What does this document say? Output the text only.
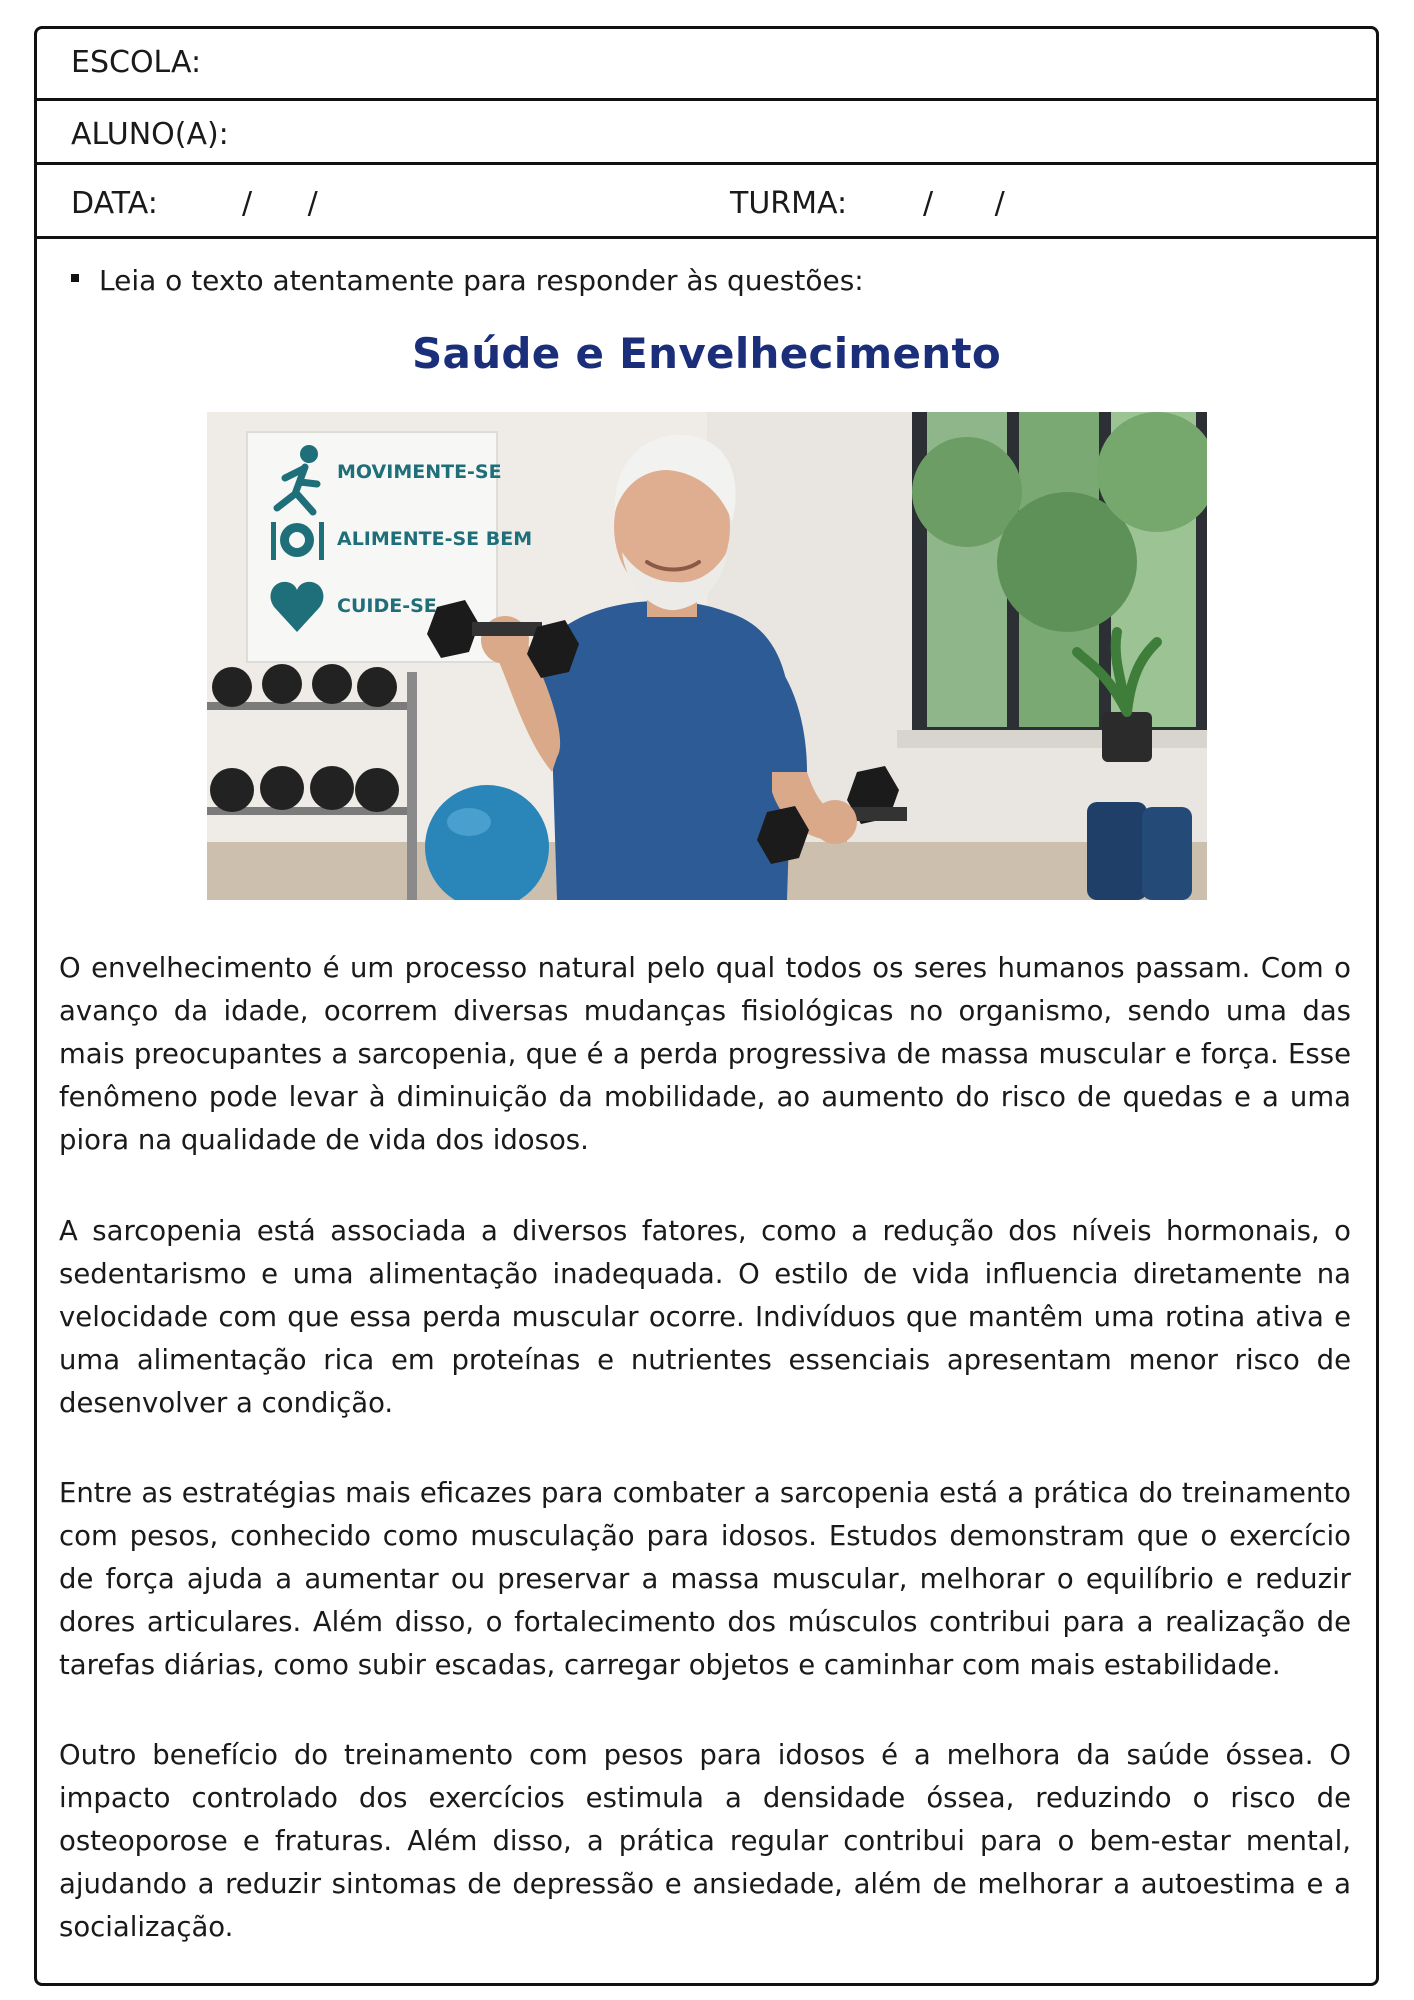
ESCOLA:
ALUNO(A):
DATA:	/ /	TURMA:	/ /
Leia o texto atentamente para responder às questões:
Saúde e Envelhecimento
MOVIMENTE-SE
ALIMENTE-SE BEM
CUIDE-SE

O envelhecimento é um processo natural pelo qual todos os seres humanos passam. Com o avanço da idade, ocorrem diversas mudanças fisiológicas no organismo, sendo uma das mais preocupantes a sarcopenia, que é a perda progressiva de massa muscular e força. Esse fenômeno pode levar à diminuição da mobilidade, ao aumento do risco de quedas e a uma piora na qualidade de vida dos idosos.

A sarcopenia está associada a diversos fatores, como a redução dos níveis hormonais, o sedentarismo e uma alimentação inadequada. O estilo de vida influencia diretamente na velocidade com que essa perda muscular ocorre. Indivíduos que mantêm uma rotina ativa e uma alimentação rica em proteínas e nutrientes essenciais apresentam menor risco de desenvolver a condição.

Entre as estratégias mais eficazes para combater a sarcopenia está a prática do treinamento com pesos, conhecido como musculação para idosos. Estudos demonstram que o exercício de força ajuda a aumentar ou preservar a massa muscular, melhorar o equilíbrio e reduzir dores articulares. Além disso, o fortalecimento dos músculos contribui para a realização de tarefas diárias, como subir escadas, carregar objetos e caminhar com mais estabilidade.

Outro benefício do treinamento com pesos para idosos é a melhora da saúde óssea. O impacto controlado dos exercícios estimula a densidade óssea, reduzindo o risco de osteoporose e fraturas. Além disso, a prática regular contribui para o bem-estar mental, ajudando a reduzir sintomas de depressão e ansiedade, além de melhorar a autoestima e a socialização.
